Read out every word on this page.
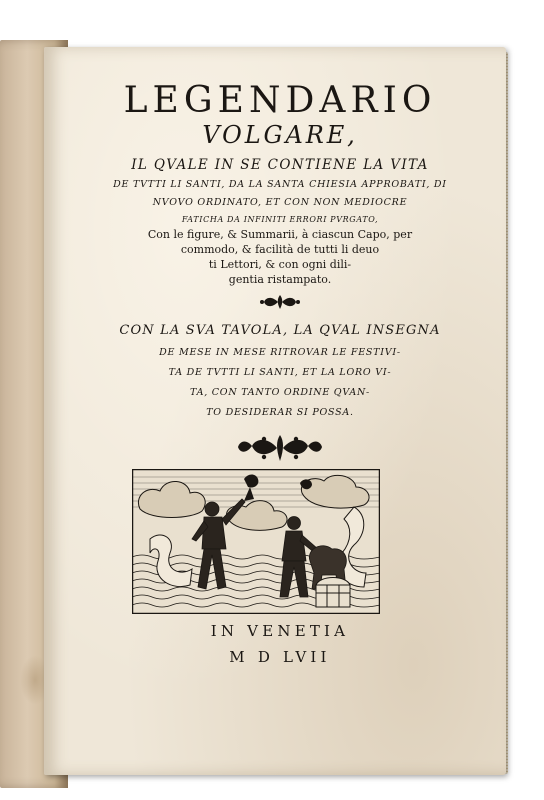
LEGENDARIO
VOLGARE,
IL QVALE IN SE CONTIENE LA VITA
DE TVTTI LI SANTI, DA LA SANTA CHIESIA APPROBATI, DI
NVOVO ORDINATO, ET CON NON MEDIOCRE
FATICHA DA INFINITI ERRORI PVRGATO,
Con le figure, & Summarii, à ciascun Capo, per
commodo, & facilità de tutti li deuo
ti Lettori, & con ogni dili-
gentia ristampato.
CON LA SVA TAVOLA, LA QVAL INSEGNA
DE MESE IN MESE RITROVAR LE FESTIVI-
TA DE TVTTI LI SANTI, ET LA LORO VI-
TA, CON TANTO ORDINE QVAN-
TO DESIDERAR SI POSSA.
IN VENETIA
M D LVII
